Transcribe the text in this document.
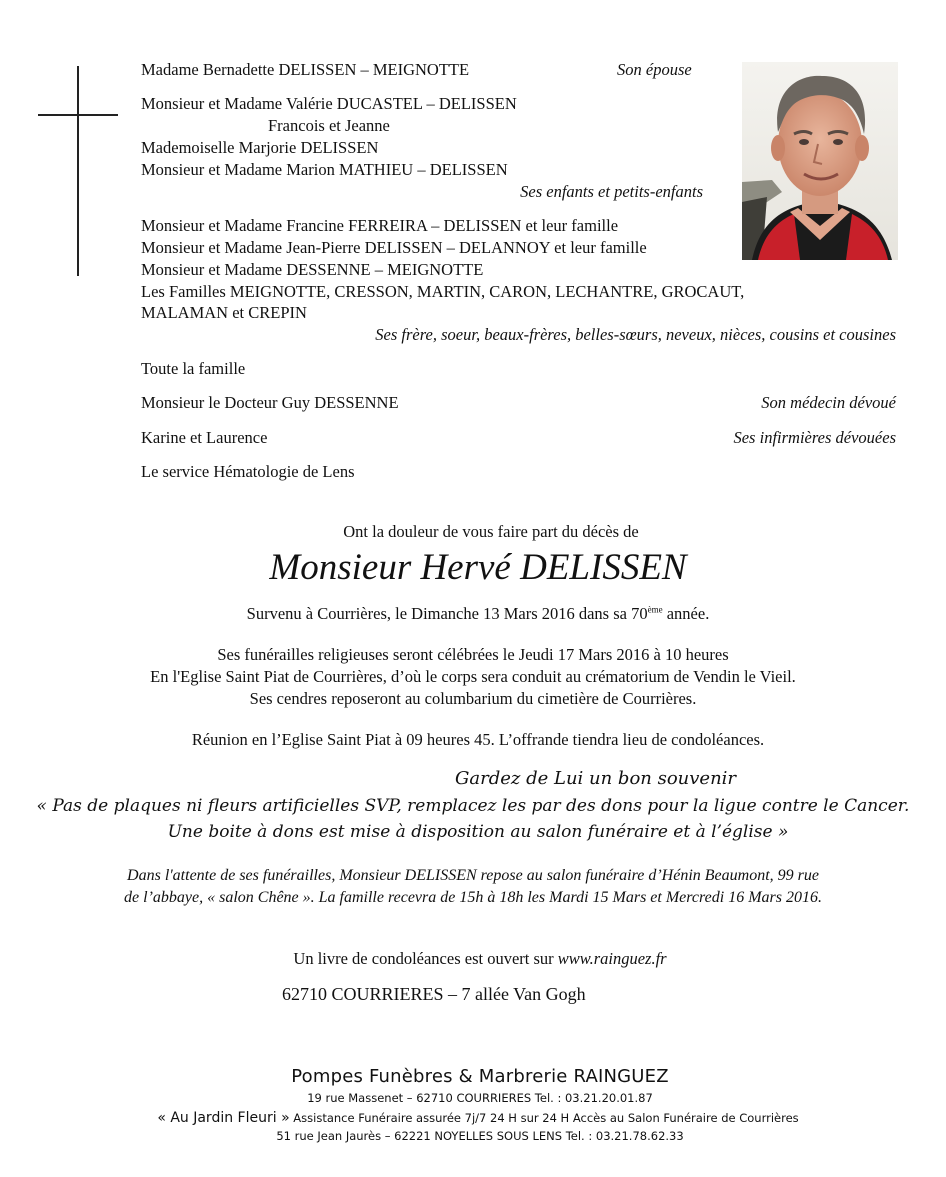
Madame Bernadette DELISSEN – MEIGNOTTE	Son épouse
Monsieur et Madame Valérie DUCASTEL – DELISSEN
Francois et Jeanne
Mademoiselle Marjorie DELISSEN
Monsieur et Madame Marion MATHIEU – DELISSEN
Ses enfants et petits-enfants
Monsieur et Madame Francine FERREIRA – DELISSEN et leur famille
Monsieur et Madame Jean-Pierre DELISSEN – DELANNOY et leur famille
Monsieur et Madame DESSENNE – MEIGNOTTE
Les Familles MEIGNOTTE, CRESSON, MARTIN, CARON, LECHANTRE, GROCAUT,
MALAMAN et CREPIN
Ses frère, soeur, beaux-frères, belles-sœurs, neveux, nièces, cousins et cousines
Toute la famille
Monsieur le Docteur Guy DESSENNE	Son médecin dévoué
Karine et Laurence	Ses infirmières dévouées
Le service Hématologie de Lens
Ont la douleur de vous faire part du décès de
Monsieur Hervé DELISSEN
Survenu à Courrières, le Dimanche 13 Mars 2016 dans sa 70ème année.
Ses funérailles religieuses seront célébrées le Jeudi 17 Mars 2016 à 10 heures
En l'Eglise Saint Piat de Courrières, d’où le corps sera conduit au crématorium de Vendin le Vieil.
Ses cendres reposeront au columbarium du cimetière de Courrières.
Réunion en l’Eglise Saint Piat à 09 heures 45. L’offrande tiendra lieu de condoléances.
Gardez de Lui un bon souvenir
« Pas de plaques ni fleurs artificielles SVP, remplacez les par des dons pour la ligue contre le Cancer.
Une boite à dons est mise à disposition au salon funéraire et à l’église »
Dans l'attente de ses funérailles, Monsieur DELISSEN repose au salon funéraire d’Hénin Beaumont, 99 rue
de l’abbaye, « salon Chêne ». La famille recevra de 15h à 18h les Mardi 15 Mars et Mercredi 16 Mars 2016.
Un livre de condoléances est ouvert sur www.rainguez.fr
62710 COURRIERES – 7 allée Van Gogh
Pompes Funèbres & Marbrerie RAINGUEZ
19 rue Massenet – 62710 COURRIERES Tel. : 03.21.20.01.87
« Au Jardin Fleuri » Assistance Funéraire assurée 7j/7 24 H sur 24 H Accès au Salon Funéraire de Courrières
51 rue Jean Jaurès – 62221 NOYELLES SOUS LENS Tel. : 03.21.78.62.33
